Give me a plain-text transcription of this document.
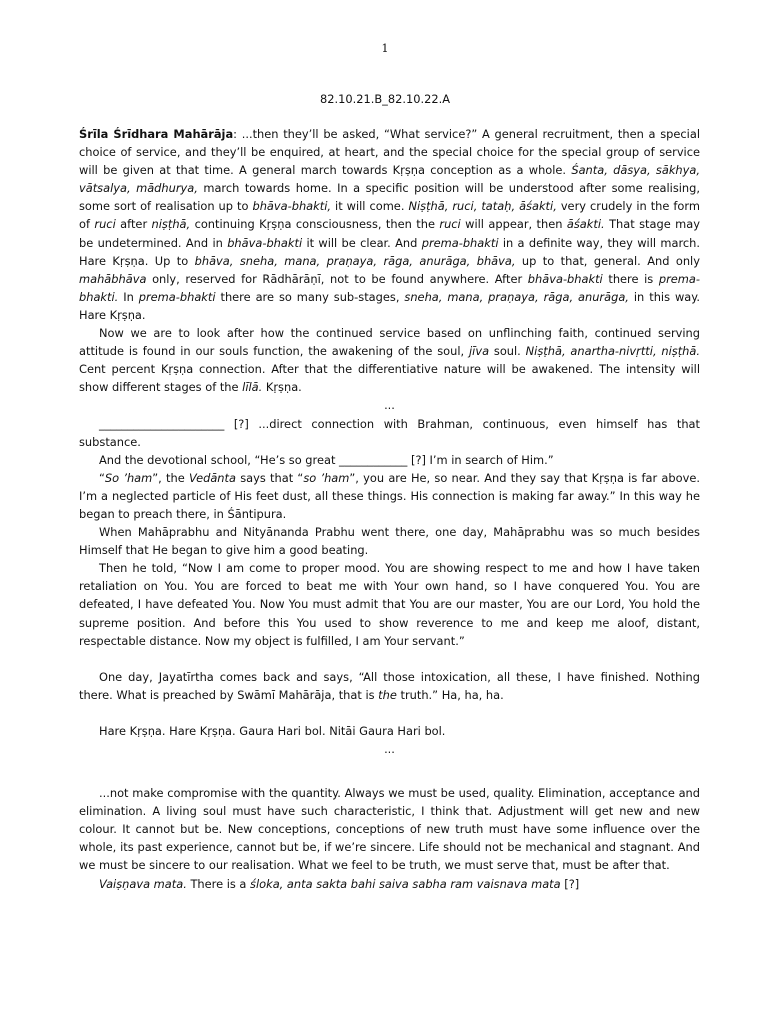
1
82.10.21.B_82.10.22.A

Śrīla Śrīdhara Mahārāja: ...then they’ll be asked, “What service?” A general recruitment, then a special choice of service, and they’ll be enquired, at heart, and the special choice for the special group of service will be given at that time. A general march towards Kṛṣṇa conception as a whole. Śanta, dāsya, sākhya, vātsalya, mādhurya, march towards home. In a specific position will be understood after some realising, some sort of realisation up to bhāva-bhakti, it will come. Niṣṭhā, ruci, tataḥ, āśakti, very crudely in the form of ruci after niṣṭhā, continuing Kṛṣṇa consciousness, then the ruci will appear, then āśakti. That stage may be undetermined. And in bhāva-bhakti it will be clear. And prema-bhakti in a definite way, they will march. Hare Kṛṣṇa. Up to bhāva, sneha, mana, praṇaya, rāga, anurāga, bhāva, up to that, general. And only mahābhāva only, reserved for Rādhārāṇī, not to be found anywhere. After bhāva-bhakti there is prema- bhakti. In prema-bhakti there are so many sub-stages, sneha, mana, praṇaya, rāga, anurāga, in this way. Hare Kṛṣṇa.

Now we are to look after how the continued service based on unflinching faith, continued serving attitude is found in our souls function, the awakening of the soul, jīva soul. Niṣṭhā, anartha-nivṛtti, niṣṭhā. Cent percent Kṛṣṇa connection. After that the differentiative nature will be awakened. The intensity will show different stages of the līlā. Kṛṣṇa.

...

______________________ [?] ...direct connection with Brahman, continuous, even himself has that substance.

And the devotional school, “He’s so great ____________ [?] I’m in search of Him.”

“So ’ham”, the Vedānta says that “so ’ham”, you are He, so near. And they say that Kṛṣṇa is far above. I’m a neglected particle of His feet dust, all these things. His connection is making far away.” In this way he began to preach there, in Śāntipura.

When Mahāprabhu and Nityānanda Prabhu went there, one day, Mahāprabhu was so much besides Himself that He began to give him a good beating.

Then he told, “Now I am come to proper mood. You are showing respect to me and how I have taken retaliation on You. You are forced to beat me with Your own hand, so I have conquered You. You are defeated, I have defeated You. Now You must admit that You are our master, You are our Lord, You hold the supreme position. And before this You used to show reverence to me and keep me aloof, distant, respectable distance. Now my object is fulfilled, I am Your servant.”

One day, Jayatīrtha comes back and says, “All those intoxication, all these, I have finished. Nothing there. What is preached by Swāmī Mahārāja, that is the truth.” Ha, ha, ha.

Hare Kṛṣṇa. Hare Kṛṣṇa. Gaura Hari bol. Nitāi Gaura Hari bol.

...

...not make compromise with the quantity. Always we must be used, quality. Elimination, acceptance and elimination. A living soul must have such characteristic, I think that. Adjustment will get new and new colour. It cannot but be. New conceptions, conceptions of new truth must have some influence over the whole, its past experience, cannot but be, if we’re sincere. Life should not be mechanical and stagnant. And we must be sincere to our realisation. What we feel to be truth, we must serve that, must be after that.

Vaiṣṇava mata. There is a śloka, anta sakta bahi saiva sabha ram vaisnava mata [?]
